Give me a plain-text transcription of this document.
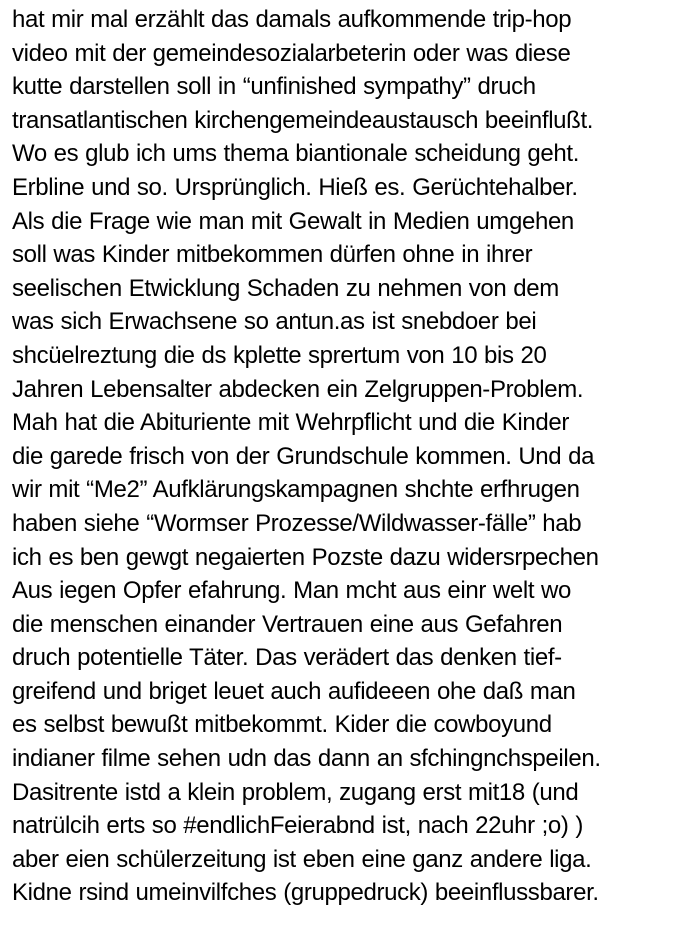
hat mir mal erzählt das damals aufkommende trip-hop
video mit der gemeindesozialarbeterin oder was diese
kutte darstellen soll in “unfinished sympathy” druch
transatlantischen kirchengemeindeaustausch beeinflußt.
Wo es glub ich ums thema biantionale scheidung geht.
Erbline und so. Ursprünglich. Hieß es. Gerüchtehalber.
Als die Frage wie man mit Gewalt in Medien umgehen
soll was Kinder mitbekommen dürfen ohne in ihrer
seelischen Etwicklung Schaden zu nehmen von dem
was sich Erwachsene so antun.as ist snebdoer bei
shcüelreztung die ds kplette sprertum von 10 bis 20
Jahren Lebensalter abdecken ein Zelgruppen-Problem.
Mah hat die Abituriente mit Wehrpflicht und die Kinder
die garede frisch von der Grundschule kommen. Und da
wir mit “Me2” Aufklärungskampagnen shchte erfhrugen
haben siehe “Wormser Prozesse/Wildwasser-fälle” hab
ich es ben gewgt negaierten Pozste dazu widersrpechen
Aus iegen Opfer efahrung. Man mcht aus einr welt wo
die menschen einander Vertrauen eine aus Gefahren
druch potentielle Täter. Das verädert das denken tief-
greifend und briget leuet auch aufideeen ohe daß man
es selbst bewußt mitbekommt. Kider die cowboyund
indianer filme sehen udn das dann an sfchingnchspeilen.
Dasitrente istd a klein problem, zugang erst mit18 (und
natrülcih erts so #endlichFeierabnd ist, nach 22uhr ;o) )
aber eien schülerzeitung ist eben eine ganz andere liga.
Kidne rsind umeinvilfches (gruppedruck) beeinflussbarer.
